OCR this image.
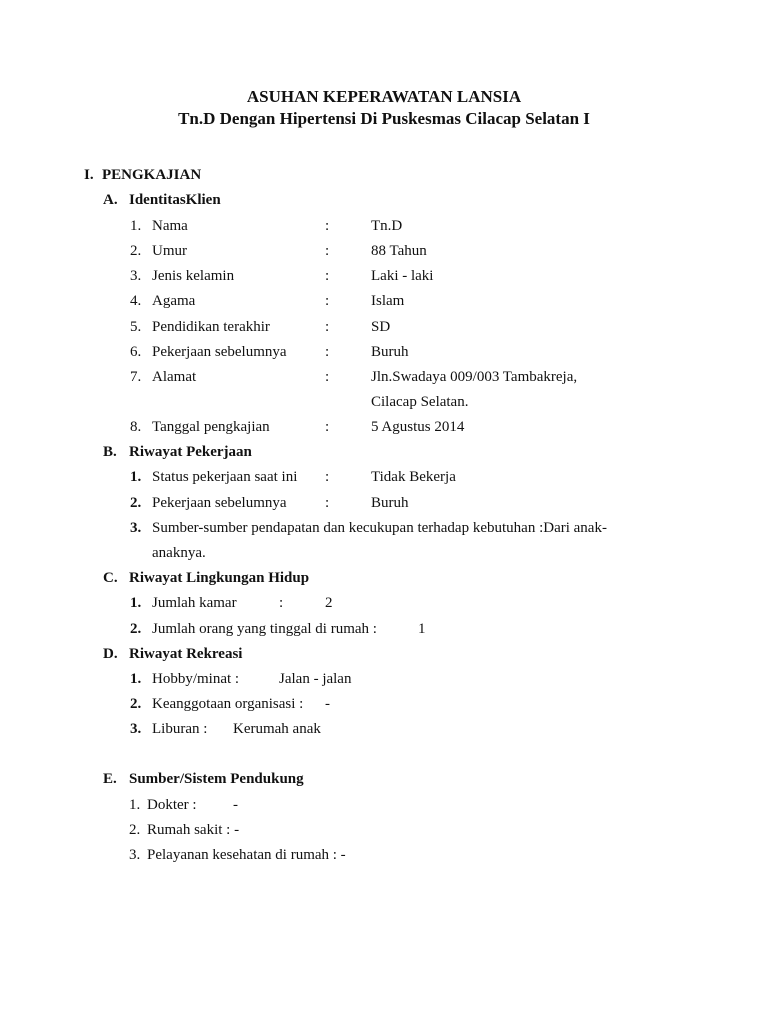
ASUHAN KEPERAWATAN LANSIA
Tn.D Dengan Hipertensi Di Puskesmas Cilacap Selatan I
I. PENGKAJIAN
A. IdentitasKlien
1. Nama	:	Tn.D
2. Umur	:	88 Tahun
3. Jenis kelamin	:	Laki - laki
4. Agama	:	Islam
5. Pendidikan terakhir	:	SD
6. Pekerjaan sebelumnya	:	Buruh
7. Alamat	:	Jln.Swadaya 009/003 Tambakreja,
Cilacap Selatan.
8. Tanggal pengkajian	:	5 Agustus 2014
B. Riwayat Pekerjaan
1. Status pekerjaan saat ini :	Tidak Bekerja
2. Pekerjaan sebelumnya	:	Buruh
3. Sumber-sumber pendapatan dan kecukupan terhadap kebutuhan :Dari anak-
anaknya.
C. Riwayat Lingkungan Hidup
1. Jumlah kamar	:	2
2. Jumlah orang yang tinggal di rumah :	1
D. Riwayat Rekreasi
1. Hobby/minat :	Jalan - jalan
2. Keanggotaan organisasi : -
3. Liburan : Kerumah anak
E. Sumber/Sistem Pendukung
1. Dokter : -
2. Rumah sakit : -
3. Pelayanan kesehatan di rumah : -
